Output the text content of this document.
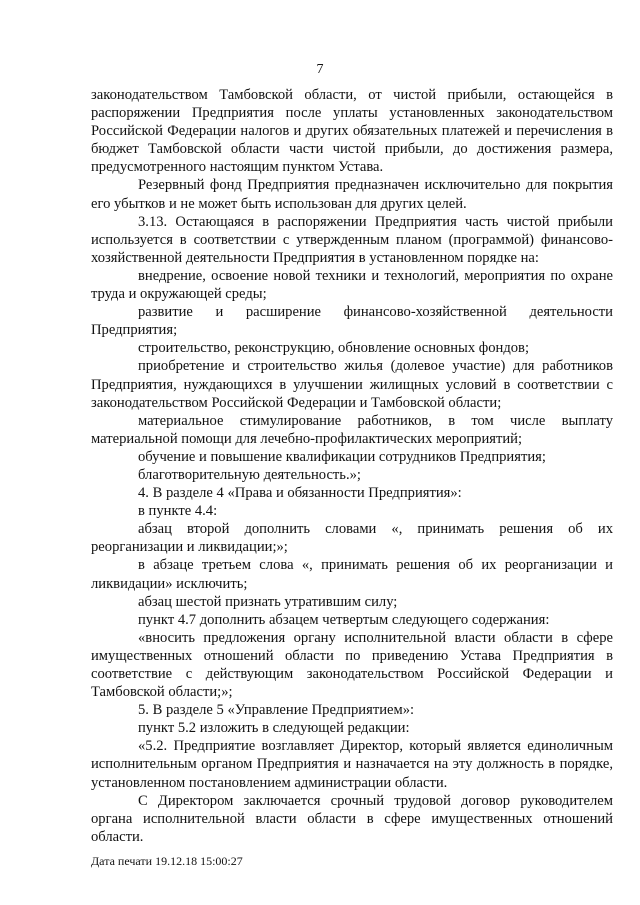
7

законодательством Тамбовской области, от чистой прибыли, остающейся в распоряжении Предприятия после уплаты установленных законодательством Российской Федерации налогов и других обязательных платежей и перечисления в бюджет Тамбовской области части чистой прибыли, до достижения размера, предусмотренного настоящим пунктом Устава.

Резервный фонд Предприятия предназначен исключительно для покрытия его убытков и не может быть использован для других целей.

3.13. Остающаяся в распоряжении Предприятия часть чистой прибыли используется в соответствии с утвержденным планом (программой) финансово-хозяйственной деятельности Предприятия в установленном порядке на:

внедрение, освоение новой техники и технологий, мероприятия по охране труда и окружающей среды;

развитие и расширение финансово-хозяйственной деятельности Предприятия;

строительство, реконструкцию, обновление основных фондов;

приобретение и строительство жилья (долевое участие) для работников Предприятия, нуждающихся в улучшении жилищных условий в соответствии с законодательством Российской Федерации и Тамбовской области;

материальное стимулирование работников, в том числе выплату материальной помощи для лечебно-профилактических мероприятий;

обучение и повышение квалификации сотрудников Предприятия;

благотворительную деятельность.»;

4. В разделе 4 «Права и обязанности Предприятия»:

в пункте 4.4:

абзац второй дополнить словами «, принимать решения об их реорганизации и ликвидации;»;

в абзаце третьем слова «, принимать решения об их реорганизации и ликвидации» исключить;

абзац шестой признать утратившим силу;

пункт 4.7 дополнить абзацем четвертым следующего содержания:

«вносить предложения органу исполнительной власти области в сфере имущественных отношений области по приведению Устава Предприятия в соответствие с действующим законодательством Российской Федерации и Тамбовской области;»;

5. В разделе 5 «Управление Предприятием»:

пункт 5.2 изложить в следующей редакции:

«5.2. Предприятие возглавляет Директор, который является единоличным исполнительным органом Предприятия и назначается на эту должность в порядке, установленном постановлением администрации области.

С Директором заключается срочный трудовой договор руководителем органа исполнительной власти области в сфере имущественных отношений области.

Дата печати 19.12.18 15:00:27
